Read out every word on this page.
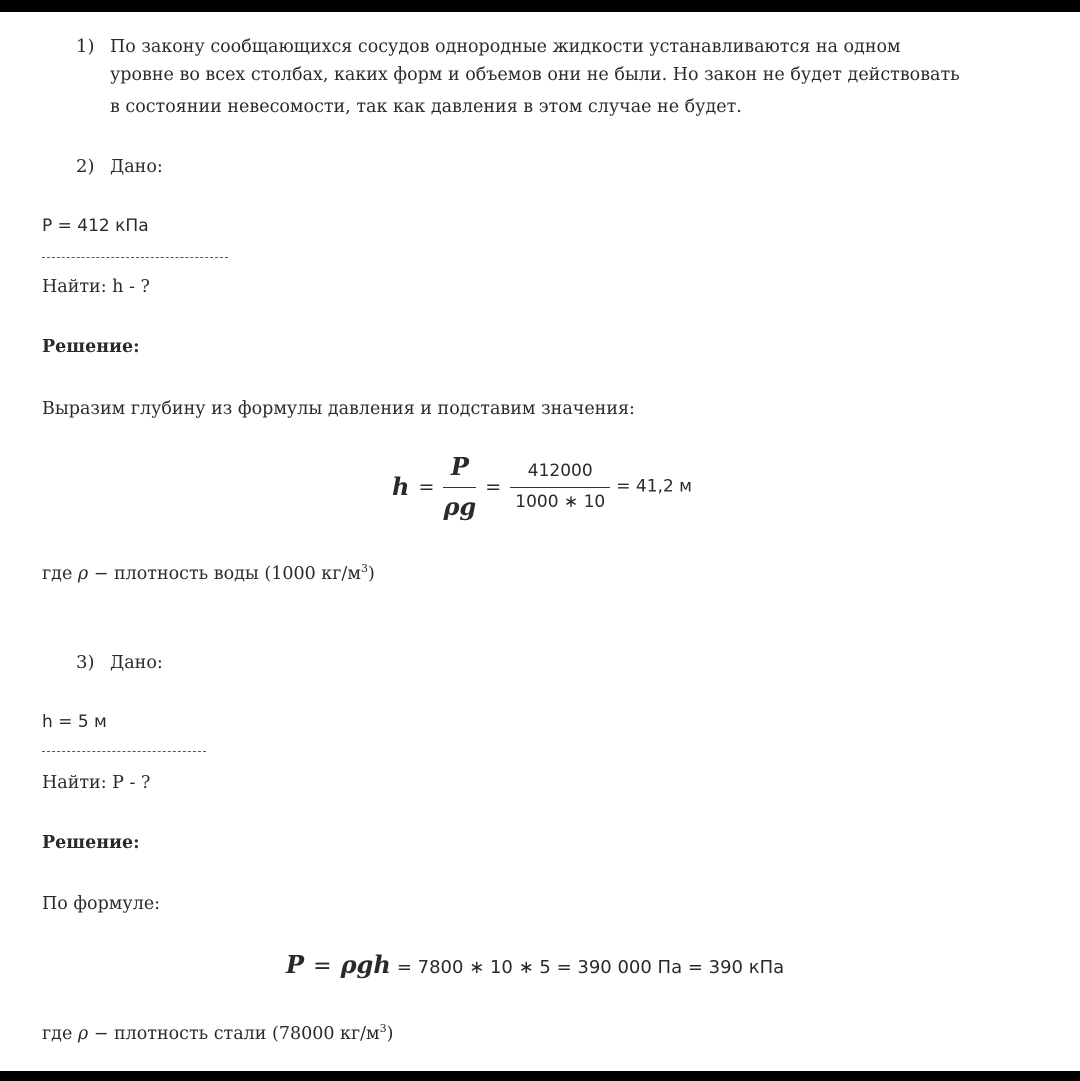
1) По закону сообщающихся сосудов однородные жидкости устанавливаются на одном
уровне во всех столбах, каких форм и объемов они не были. Но закон не будет действовать
в состоянии невесомости, так как давления в этом случае не будет.
2) Дано:
P = 412 кПа
Найти: h - ?
Решение:
Выразим глубину из формулы давления и подставим значения:
$h = \frac{P}{\rho g} = \frac{412000}{1000 ∗ 10} = 41,2$ м
где ρ − плотность воды (1000 $кг/м^3$)
3) Дано:
h = 5 м
Найти: P - ?
Решение:
По формуле:
P = ρgh = 7800 ∗ 10 ∗ 5 = 390 000 Па = 390 кПа
где ρ − плотность стали (78000 $кг/м^3$)
